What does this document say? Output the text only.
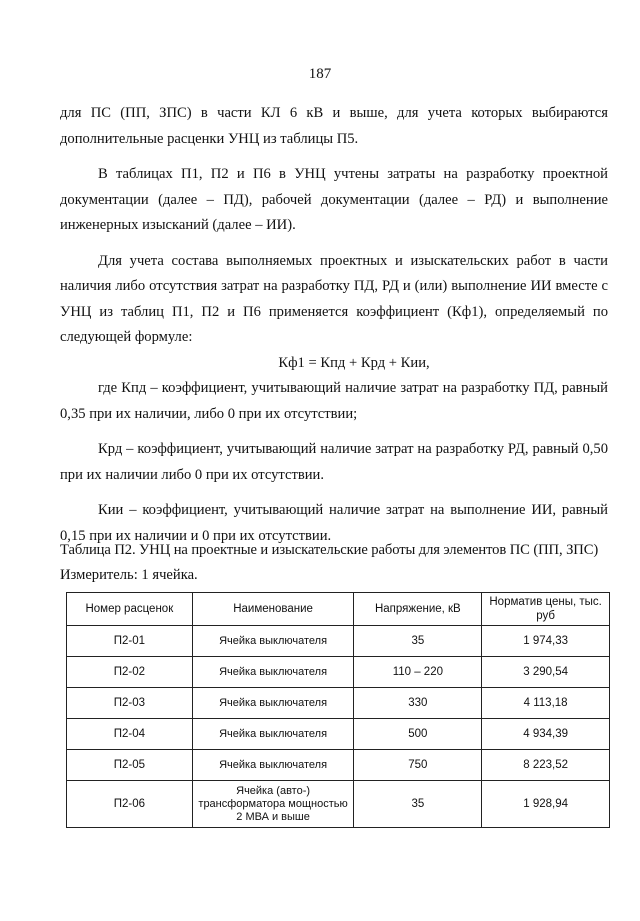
187

для ПС (ПП, ЗПС) в части КЛ 6 кВ и выше, для учета которых выбираются дополнительные расценки УНЦ из таблицы П5.

В таблицах П1, П2 и П6 в УНЦ учтены затраты на разработку проектной документации (далее – ПД), рабочей документации (далее – РД) и выполнение инженерных изысканий (далее – ИИ).

Для учета состава выполняемых проектных и изыскательских работ в части наличия либо отсутствия затрат на разработку ПД, РД и (или) выполнение ИИ вместе с УНЦ из таблиц П1, П2 и П6 применяется коэффициент (Кф1), определяемый по следующей формуле:

Кф1 = Кпд + Крд + Кии,

где Кпд – коэффициент, учитывающий наличие затрат на разработку ПД, равный 0,35 при их наличии, либо 0 при их отсутствии;

Крд – коэффициент, учитывающий наличие затрат на разработку РД, равный 0,50 при их наличии либо 0 при их отсутствии.

Кии – коэффициент, учитывающий наличие затрат на выполнение ИИ, равный 0,15 при их наличии и 0 при их отсутствии.

Таблица П2. УНЦ на проектные и изыскательские работы для элементов ПС (ПП, ЗПС)
Измеритель: 1 ячейка.
Номер расценок	Наименование	Напряжение, кВ	Норматив цены, тыс. руб
П2-01	Ячейка выключателя	35	1 974,33
П2-02	Ячейка выключателя	110 – 220	3 290,54
П2-03	Ячейка выключателя	330	4 113,18
П2-04	Ячейка выключателя	500	4 934,39
П2-05	Ячейка выключателя	750	8 223,52
П2-06	Ячейка (авто-) трансформатора мощностью 2 МВА и выше	35	1 928,94
